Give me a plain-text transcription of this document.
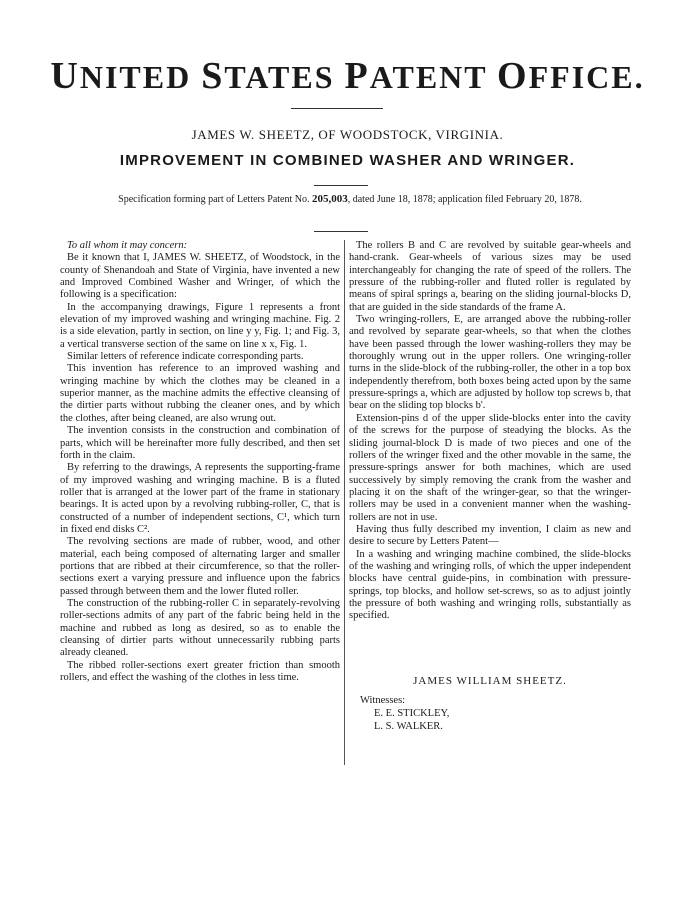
UNITED STATES PATENT OFFICE.
JAMES W. SHEETZ, OF WOODSTOCK, VIRGINIA.
IMPROVEMENT IN COMBINED WASHER AND WRINGER.
Specification forming part of Letters Patent No. 205,003, dated June 18, 1878; application filed February 20, 1878.

To all whom it may concern:

Be it known that I, JAMES W. SHEETZ, of Woodstock, in the county of Shenandoah and State of Virginia, have invented a new and Improved Combined Washer and Wringer, of which the following is a specification:

In the accompanying drawings, Figure 1 represents a front elevation of my improved washing and wringing machine. Fig. 2 is a side elevation, partly in section, on line y y, Fig. 1; and Fig. 3, a vertical transverse section of the same on line x x, Fig. 1.

Similar letters of reference indicate corresponding parts.

This invention has reference to an improved washing and wringing machine by which the clothes may be cleaned in a superior manner, as the machine admits the effective cleansing of the dirtier parts without rubbing the cleaner ones, and by which the clothes, after being cleaned, are also wrung out.

The invention consists in the construction and combination of parts, which will be hereinafter more fully described, and then set forth in the claim.

By referring to the drawings, A represents the supporting-frame of my improved washing and wringing machine. B is a fluted roller that is arranged at the lower part of the frame in stationary bearings. It is acted upon by a revolving rubbing-roller, C, that is constructed of a number of independent sections, C¹, which turn in fixed end disks C².

The revolving sections are made of rubber, wood, and other material, each being composed of alternating larger and smaller portions that are ribbed at their circumference, so that the roller-sections exert a varying pressure and influence upon the fabrics passed through between them and the lower fluted roller.

The construction of the rubbing-roller C in separately-revolving roller-sections admits of any part of the fabric being held in the machine and rubbed as long as desired, so as to enable the cleansing of dirtier parts without unnecessarily rubbing parts already cleaned.

The ribbed roller-sections exert greater friction than smooth rollers, and effect the washing of the clothes in less time.

The rollers B and C are revolved by suitable gear-wheels and hand-crank. Gear-wheels of various sizes may be used interchangeably for changing the rate of speed of the rollers. The pressure of the rubbing-roller and fluted roller is regulated by means of spiral springs a, bearing on the sliding journal-blocks D, that are guided in the side standards of the frame A.

Two wringing-rollers, E, are arranged above the rubbing-roller and revolved by separate gear-wheels, so that when the clothes have been passed through the lower washing-rollers they may be thoroughly wrung out in the upper rollers. One wringing-roller turns in the slide-block of the rubbing-roller, the other in a top box independently therefrom, both boxes being acted upon by the same pressure-springs a, which are adjusted by hollow top screws b, that bear on the sliding top blocks b'.

Extension-pins d of the upper slide-blocks enter into the cavity of the screws for the purpose of steadying the blocks. As the sliding journal-block D is made of two pieces and one of the rollers of the wringer fixed and the other movable in the same, the pressure-springs answer for both machines, which are used successively by simply removing the crank from the washer and placing it on the shaft of the wringer-gear, so that the wringer-rollers may be used in a convenient manner when the washing-rollers are not in use.

Having thus fully described my invention, I claim as new and desire to secure by Letters Patent—

In a washing and wringing machine combined, the slide-blocks of the washing and wringing rolls, of which the upper independent blocks have central guide-pins, in combination with pressure-springs, top blocks, and hollow set-screws, so as to adjust jointly the pressure of both washing and wringing rolls, substantially as specified.

JAMES WILLIAM SHEETZ.
Witnesses:
E. E. STICKLEY,
L. S. WALKER.
